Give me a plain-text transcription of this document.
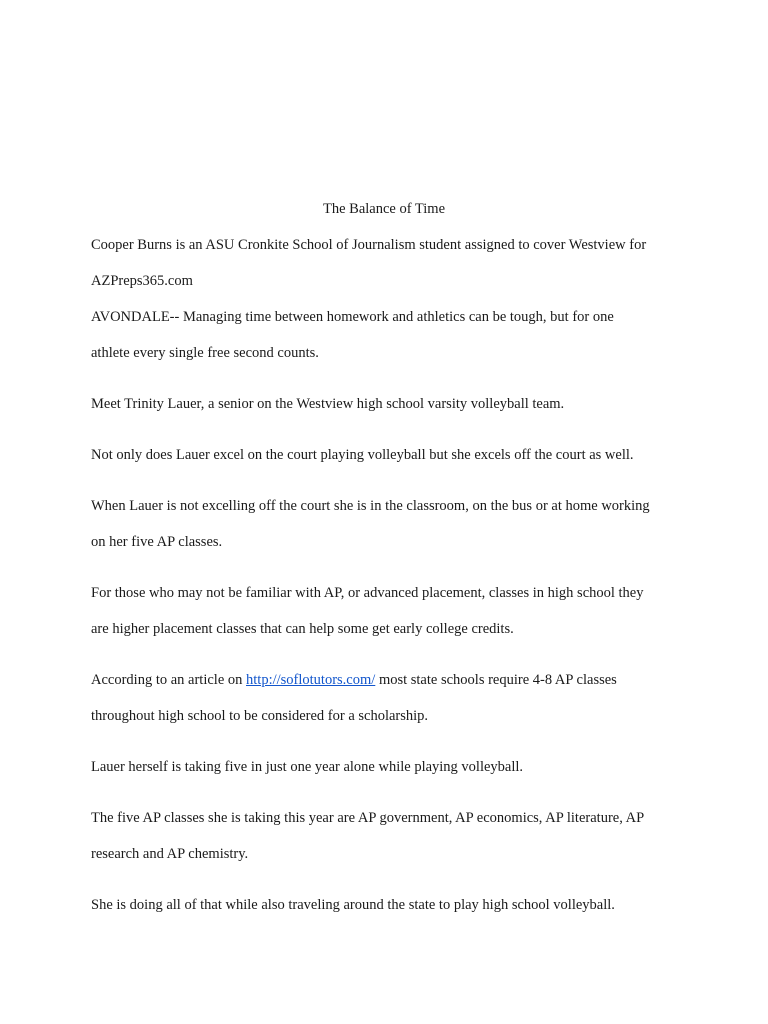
The Balance of Time
Cooper Burns is an ASU Cronkite School of Journalism student assigned to cover Westview for
AZPreps365.com
AVONDALE-- Managing time between homework and athletics can be tough, but for one
athlete every single free second counts.
Meet Trinity Lauer, a senior on the Westview high school varsity volleyball team.
Not only does Lauer excel on the court playing volleyball but she excels off the court as well.
When Lauer is not excelling off the court she is in the classroom, on the bus or at home working
on her five AP classes.
For those who may not be familiar with AP, or advanced placement, classes in high school they
are higher placement classes that can help some get early college credits.
According to an article on http://soflotutors.com/ most state schools require 4-8 AP classes
throughout high school to be considered for a scholarship.
Lauer herself is taking five in just one year alone while playing volleyball.
The five AP classes she is taking this year are AP government, AP economics, AP literature, AP
research and AP chemistry.
She is doing all of that while also traveling around the state to play high school volleyball.
